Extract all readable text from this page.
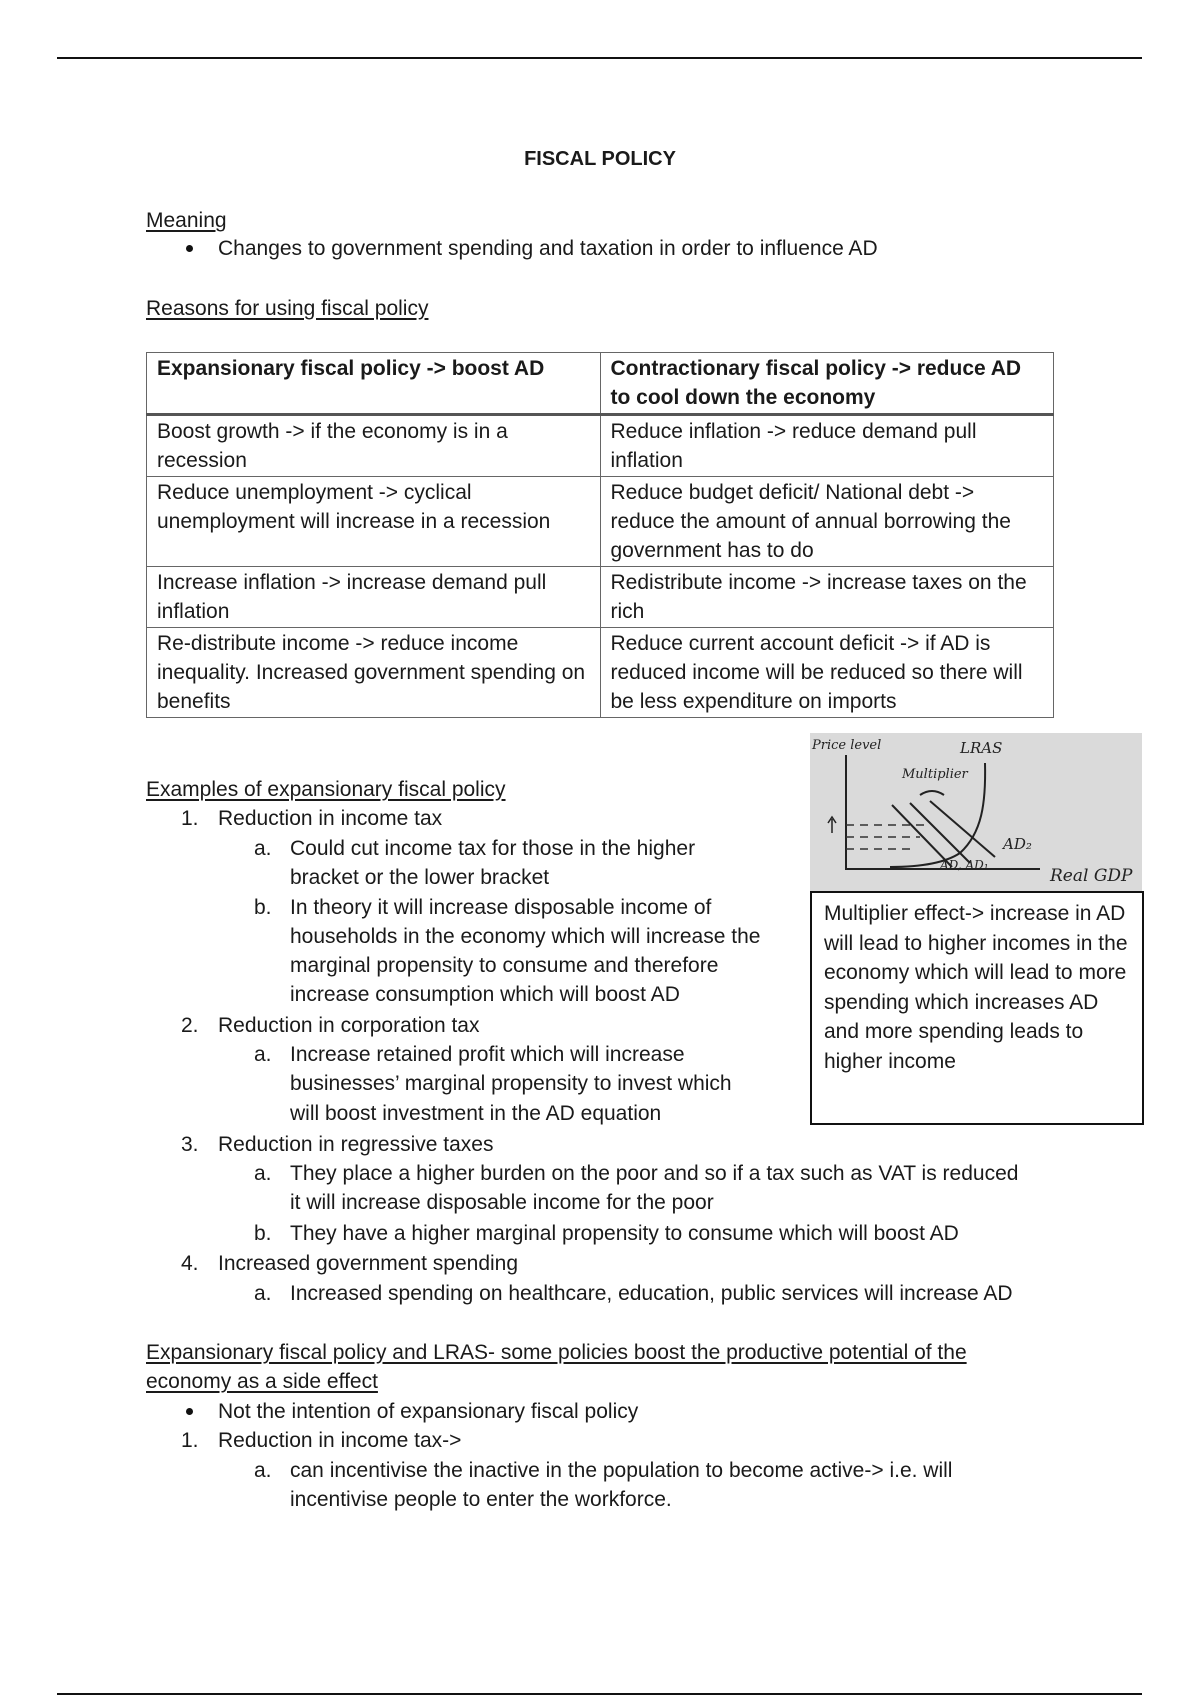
FISCAL POLICY
Meaning
Changes to government spending and taxation in order to influence AD
Reasons for using fiscal policy
Expansionary fiscal policy -> boost AD	Contractionary fiscal policy -> reduce AD to cool down the economy
Boost growth -> if the economy is in a recession	Reduce inflation -> reduce demand pull inflation
Reduce unemployment -> cyclical unemployment will increase in a recession	Reduce budget deficit/ National debt -> reduce the amount of annual borrowing the government has to do
Increase inflation -> increase demand pull inflation	Redistribute income -> increase taxes on the rich
Re-distribute income -> reduce income inequality. Increased government spending on benefits	Reduce current account deficit -> if AD is reduced income will be reduced so there will be less expenditure on imports
Price level	LRAS
Multiplier
AD₂
AD, AD₁
Real GDP
Multiplier effect-> increase in AD will lead to higher incomes in the economy which will lead to more spending which increases AD and more spending leads to higher income
Examples of expansionary fiscal policy
1. Reduction in income tax
a. Could cut income tax for those in the higher
bracket or the lower bracket
b. In theory it will increase disposable income of
households in the economy which will increase the
marginal propensity to consume and therefore
increase consumption which will boost AD
2. Reduction in corporation tax
a. Increase retained profit which will increase
businesses’ marginal propensity to invest which
will boost investment in the AD equation
3. Reduction in regressive taxes
a. They place a higher burden on the poor and so if a tax such as VAT is reduced
it will increase disposable income for the poor
b. They have a higher marginal propensity to consume which will boost AD
4. Increased government spending
a. Increased spending on healthcare, education, public services will increase AD
Expansionary fiscal policy and LRAS- some policies boost the productive potential of the
economy as a side effect
Not the intention of expansionary fiscal policy
1. Reduction in income tax->
a. can incentivise the inactive in the population to become active-> i.e. will
incentivise people to enter the workforce.
